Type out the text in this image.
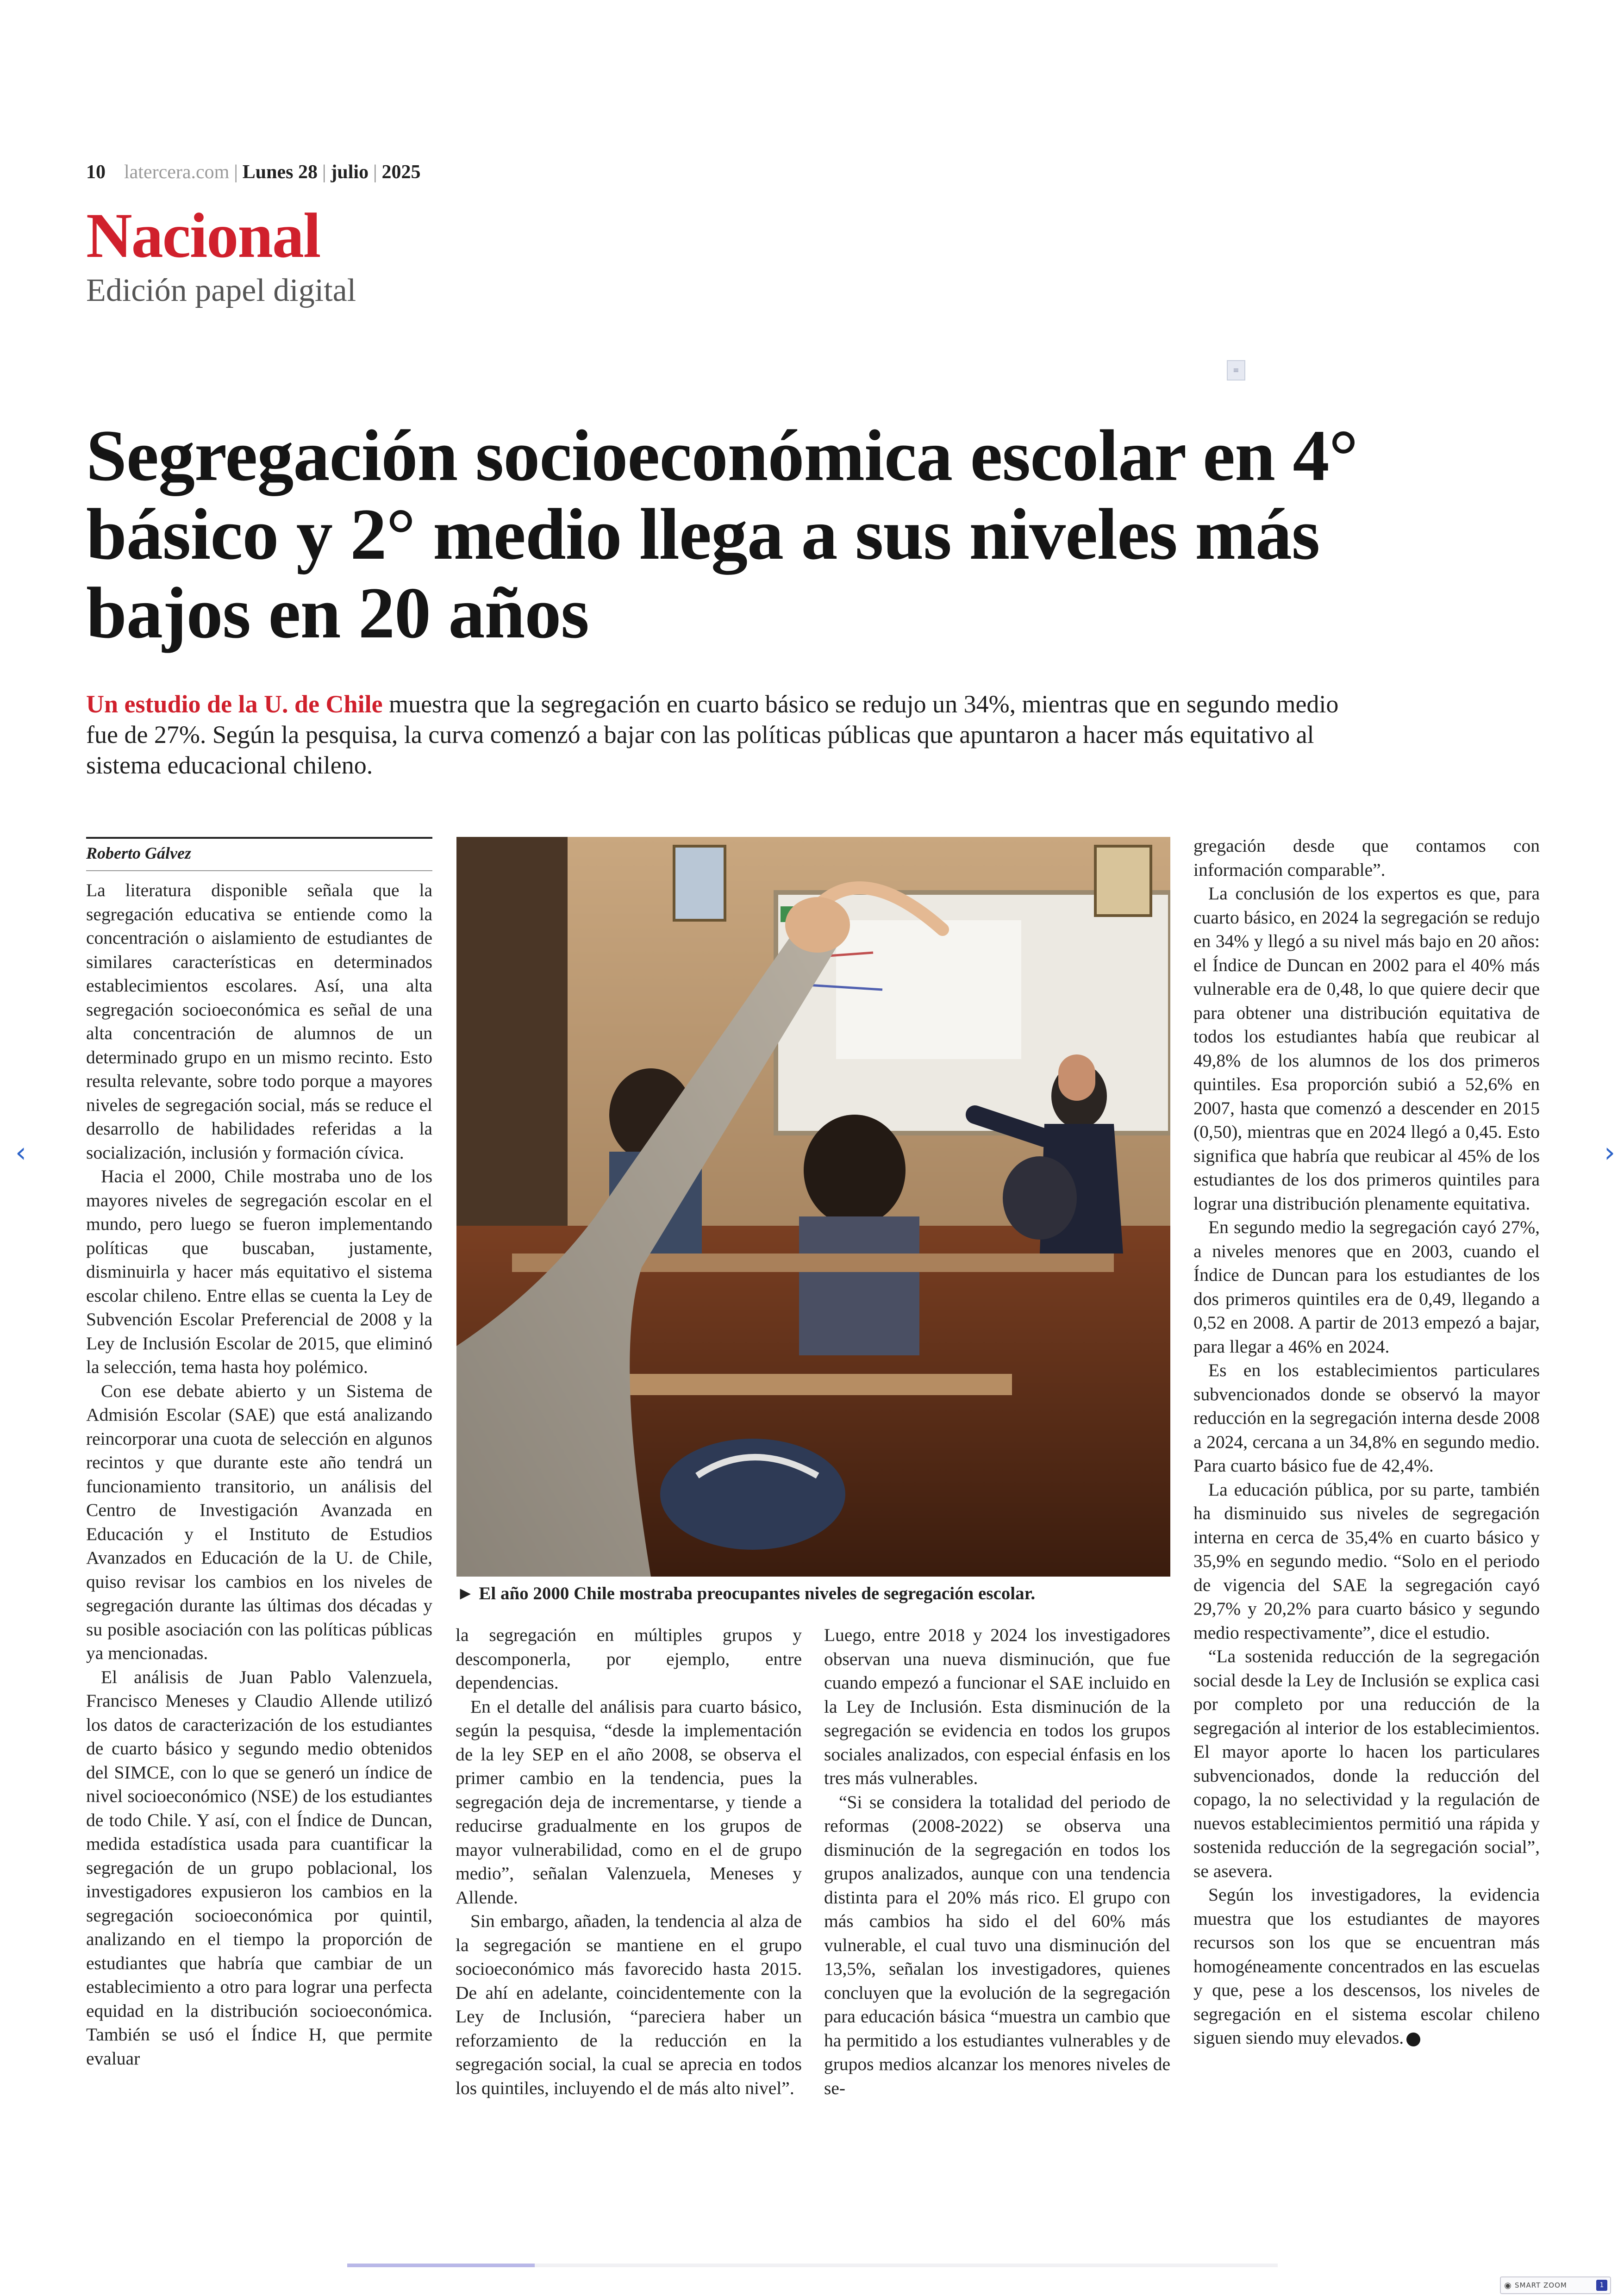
10 latercera.com | Lunes 28 | julio | 2025
Nacional
Edición papel digital
≡
Segregación socioeconómica escolar en 4° básico y 2° medio llega a sus niveles más bajos en 20 años
Un estudio de la U. de Chile muestra que la segregación en cuarto básico se redujo un 34%, mientras que en segundo medio fue de 27%. Según la pesquisa, la curva comenzó a bajar con las políticas públicas que apuntaron a hacer más equitativo al sistema educacional chileno.
Roberto Gálvez

La literatura disponible señala que la segregación educativa se entiende como la concentración o aislamiento de estudiantes de similares características en determinados establecimientos escolares. Así, una alta segregación socioeconómica es señal de una alta concentración de alumnos de un determinado grupo en un mismo recinto. Esto resulta relevante, sobre todo porque a mayores niveles de segregación social, más se reduce el desarrollo de habilidades referidas a la socialización, inclusión y formación cívica.

Hacia el 2000, Chile mostraba uno de los mayores niveles de segregación escolar en el mundo, pero luego se fueron implementando políticas que buscaban, justamente, disminuirla y hacer más equitativo el sistema escolar chileno. Entre ellas se cuenta la Ley de Subvención Escolar Preferencial de 2008 y la Ley de Inclusión Escolar de 2015, que eliminó la selección, tema hasta hoy polémico.

Con ese debate abierto y un Sistema de Admisión Escolar (SAE) que está analizando reincorporar una cuota de selección en algunos recintos y que durante este año tendrá un funcionamiento transitorio, un análisis del Centro de Investigación Avanzada en Educación y el Instituto de Estudios Avanzados en Educación de la U. de Chile, quiso revisar los cambios en los niveles de segregación durante las últimas dos décadas y su posible asociación con las políticas públicas ya mencionadas.

El análisis de Juan Pablo Valenzuela, Francisco Meneses y Claudio Allende utilizó los datos de caracterización de los estudiantes de cuarto básico y segundo medio obtenidos del SIMCE, con lo que se generó un índice de nivel socioeconómico (NSE) de los estudiantes de todo Chile. Y así, con el Índice de Duncan, medida estadística usada para cuantificar la segregación de un grupo poblacional, los investigadores expusieron los cambios en la segregación socioeconómica por quintil, analizando en el tiempo la proporción de estudiantes que habría que cambiar de un establecimiento a otro para lograr una perfecta equidad en la distribución socioeconómica. También se usó el Índice H, que permite evaluar

► El año 2000 Chile mostraba preocupantes niveles de segregación escolar.

la segregación en múltiples grupos y descomponerla, por ejemplo, entre dependencias.

En el detalle del análisis para cuarto básico, según la pesquisa, “desde la implementación de la ley SEP en el año 2008, se observa el primer cambio en la tendencia, pues la segregación deja de incrementarse, y tiende a reducirse gradualmente en los grupos de mayor vulnerabilidad, como en el de grupo medio”, señalan Valenzuela, Meneses y Allende.

Sin embargo, añaden, la tendencia al alza de la segregación se mantiene en el grupo socioeconómico más favorecido hasta 2015. De ahí en adelante, coincidentemente con la Ley de Inclusión, “pareciera haber un reforzamiento de la reducción en la segregación social, la cual se aprecia en todos los quintiles, incluyendo el de más alto nivel”.

Luego, entre 2018 y 2024 los investigadores observan una nueva disminución, que fue cuando empezó a funcionar el SAE incluido en la Ley de Inclusión. Esta disminución de la segregación se evidencia en todos los grupos sociales analizados, con especial énfasis en los tres más vulnerables.

“Si se considera la totalidad del periodo de reformas (2008-2022) se observa una disminución de la segregación en todos los grupos analizados, aunque con una tendencia distinta para el 20% más rico. El grupo con más cambios ha sido el del 60% más vulnerable, el cual tuvo una disminución del 13,5%, señalan los investigadores, quienes concluyen que la evolución de la segregación para educación básica “muestra un cambio que ha permitido a los estudiantes vulnerables y de grupos medios alcanzar los menores niveles de se-

gregación desde que contamos con información comparable”.

La conclusión de los expertos es que, para cuarto básico, en 2024 la segregación se redujo en 34% y llegó a su nivel más bajo en 20 años: el Índice de Duncan en 2002 para el 40% más vulnerable era de 0,48, lo que quiere decir que para obtener una distribución equitativa de todos los estudiantes había que reubicar al 49,8% de los alumnos de los dos primeros quintiles. Esa proporción subió a 52,6% en 2007, hasta que comenzó a descender en 2015 (0,50), mientras que en 2024 llegó a 0,45. Esto significa que habría que reubicar al 45% de los estudiantes de los dos primeros quintiles para lograr una distribución plenamente equitativa.

En segundo medio la segregación cayó 27%, a niveles menores que en 2003, cuando el Índice de Duncan para los estudiantes de los dos primeros quintiles era de 0,49, llegando a 0,52 en 2008. A partir de 2013 empezó a bajar, para llegar a 46% en 2024.

Es en los establecimientos particulares subvencionados donde se observó la mayor reducción en la segregación interna desde 2008 a 2024, cercana a un 34,8% en segundo medio. Para cuarto básico fue de 42,4%.

La educación pública, por su parte, también ha disminuido sus niveles de segregación interna en cerca de 35,4% en cuarto básico y 35,9% en segundo medio. “Solo en el periodo de vigencia del SAE la segregación cayó 29,7% y 20,2% para cuarto básico y segundo medio respectivamente”, dice el estudio.

“La sostenida reducción de la segregación social desde la Ley de Inclusión se explica casi por completo por una reducción de la segregación al interior de los establecimientos. El mayor aporte lo hacen los particulares subvencionados, donde la reducción del copago, la no selectividad y la regulación de nuevos establecimientos permitió una rápida y sostenida reducción de la segregación social”, se asevera.

Según los investigadores, la evidencia muestra que los estudiantes de mayores recursos son los que se encuentran más homogéneamente concentrados en las escuelas y que, pese a los descensos, los niveles de segregación en el sistema escolar chileno siguen siendo muy elevados.

‹	›
◉ SMART ZOOM	1
